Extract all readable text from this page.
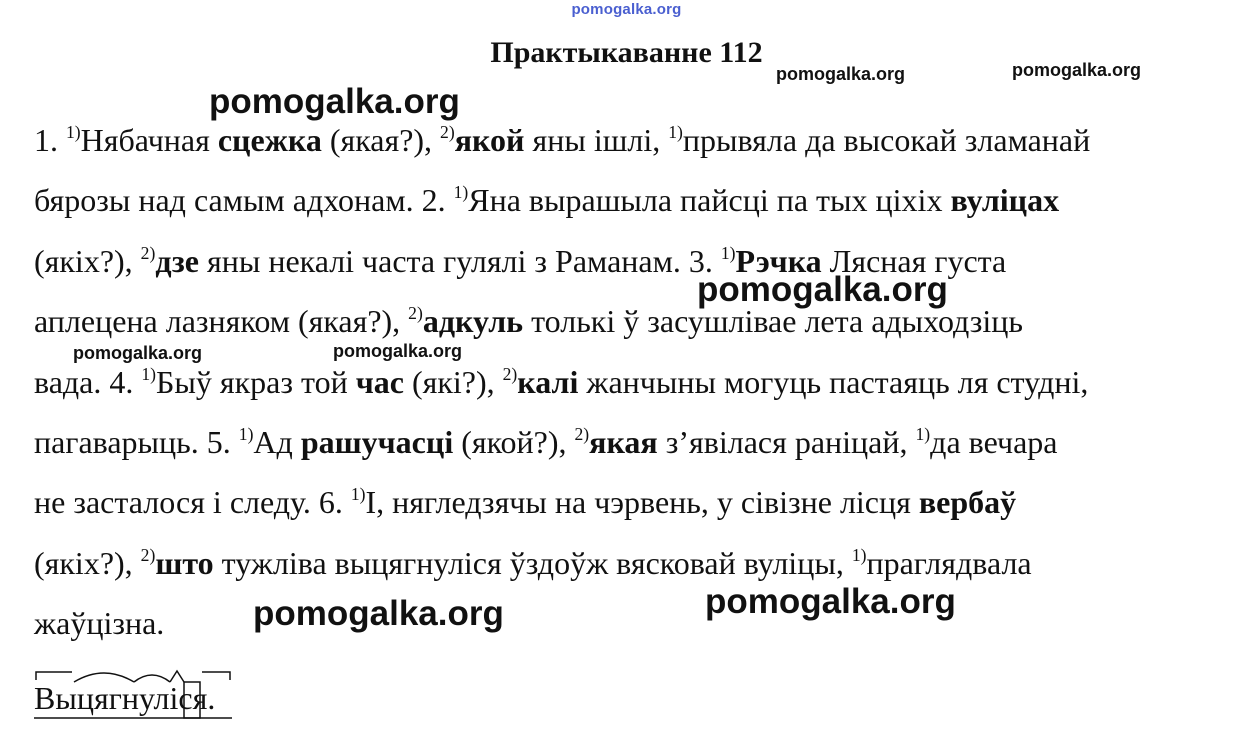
pomogalka.org
Практыкаванне 112
1. $^{1)}$Нябачная сцежка (якая?), $^{2)}$якой яны ішлі, $^{1)}$прывяла да высокай зламанай
бярозы над самым адхонам. 2. $^{1)}$Яна вырашыла пайсці па тых ціхіх вуліцах
(якіх?), $^{2)}$дзе яны некалі часта гулялі з Раманам. 3. $^{1)}$Рэчка Лясная густа
аплецена лазняком (якая?), $^{2)}$адкуль толькі ў засушлівае лета адыходзіць
вада. 4. $^{1)}$Быў якраз той час (які?), $^{2)}$калі жанчыны могуць пастаяць ля студні,
пагаварыць. 5. $^{1)}$Ад рашучасці (якой?), $^{2)}$якая з’явілася раніцай, $^{1)}$да вечара
не засталося і следу. 6. $^{1)}$І, нягледзячы на чэрвень, у сівізне лісця вербаў
(якіх?), $^{2)}$што тужліва выцягнуліся ўздоўж вясковай вуліцы, $^{1)}$праглядвала
жаўцізна.
pomogalka.org	pomogalka.org
pomogalka.org
pomogalka.org
pomogalka.org	pomogalka.org
pomogalka.org
pomogalka.org
Выцягнуліся.
